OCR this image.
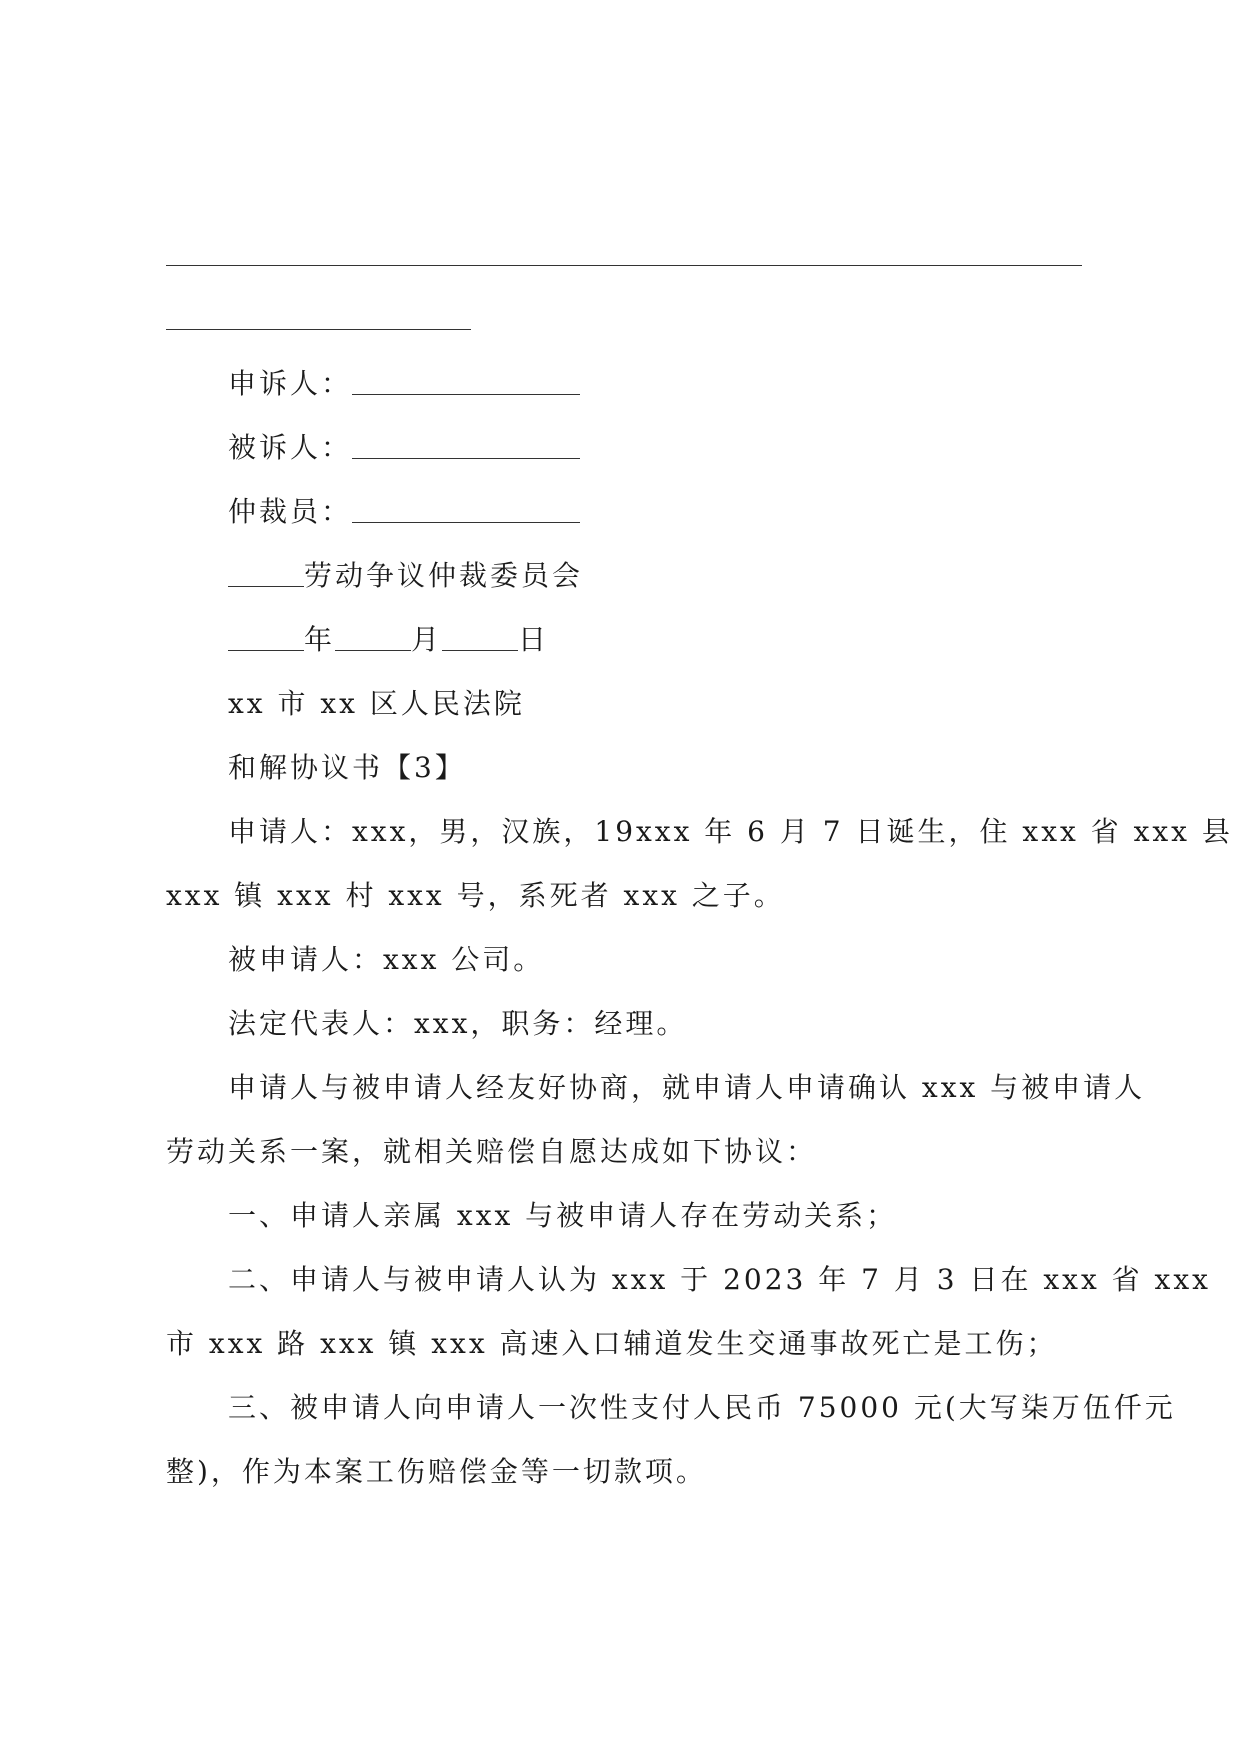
申诉人：

被诉人：

仲裁员：

劳动争议仲裁委员会

年	月	日

xx 市 xx 区人民法院

和解协议书【3】

申请人：xxx，男，汉族，19xxx 年 6 月 7 日诞生，住 xxx 省 xxx 县

xxx 镇 xxx 村 xxx 号，系死者 xxx 之子。

被申请人：xxx 公司。

法定代表人：xxx，职务：经理。

申请人与被申请人经友好协商，就申请人申请确认 xxx 与被申请人

劳动关系一案，就相关赔偿自愿达成如下协议：

一、申请人亲属 xxx 与被申请人存在劳动关系；

二、申请人与被申请人认为 xxx 于 2023 年 7 月 3 日在 xxx 省 xxx

市 xxx 路 xxx 镇 xxx 高速入口辅道发生交通事故死亡是工伤；

三、被申请人向申请人一次性支付人民币 75000 元(大写柒万伍仟元

整)，作为本案工伤赔偿金等一切款项。
